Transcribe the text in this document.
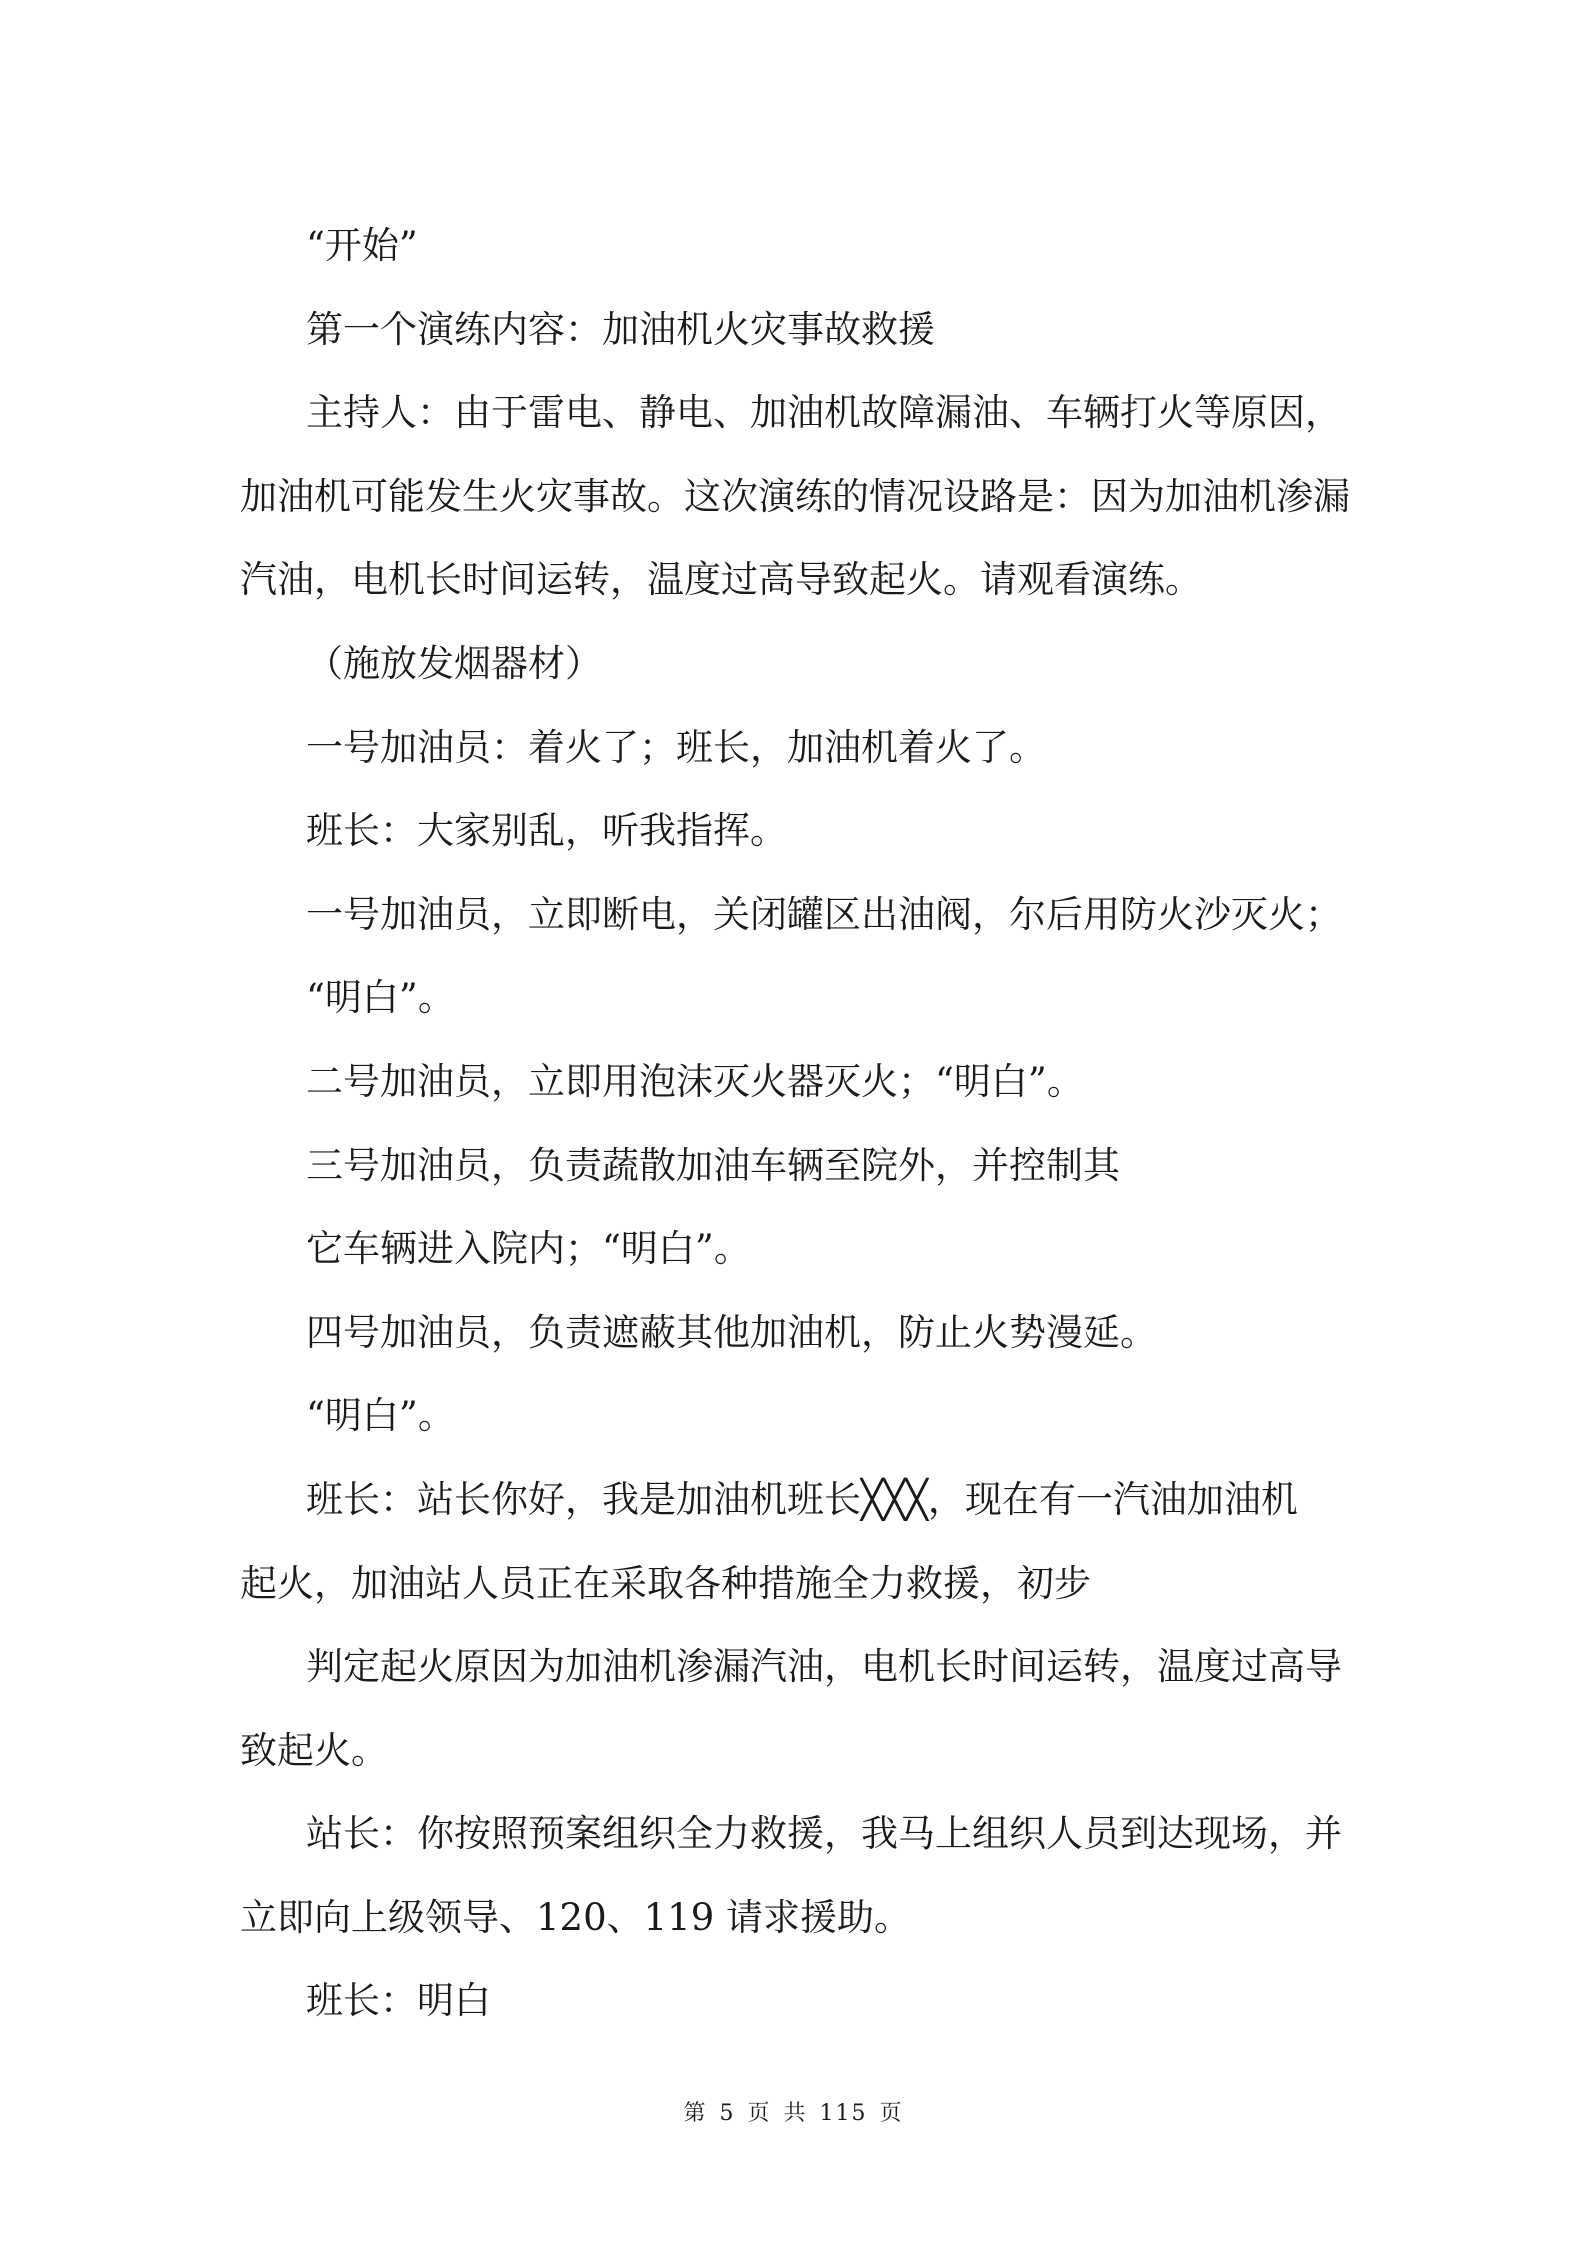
“开始”

第一个演练内容：加油机火灾事故救援

主持人：由于雷电、静电、加油机故障漏油、车辆打火等原因，

加油机可能发生火灾事故。这次演练的情况设路是：因为加油机渗漏

汽油，电机长时间运转，温度过高导致起火。请观看演练。

（施放发烟器材）

一号加油员：着火了；班长，加油机着火了。

班长：大家别乱，听我指挥。

一号加油员，立即断电，关闭罐区出油阀，尔后用防火沙灭火；

“明白”。

二号加油员，立即用泡沫灭火器灭火；“明白”。

三号加油员，负责蔬散加油车辆至院外，并控制其

它车辆进入院内；“明白”。

四号加油员，负责遮蔽其他加油机，防止火势漫延。

“明白”。

班长：站长你好，我是加油机班长╳╳╳，现在有一汽油加油机

起火，加油站人员正在采取各种措施全力救援，初步

判定起火原因为加油机渗漏汽油，电机长时间运转，温度过高导

致起火。

站长：你按照预案组织全力救援，我马上组织人员到达现场，并

立即向上级领导、120、119 请求援助。

班长：明白

第 5 页 共 115 页
